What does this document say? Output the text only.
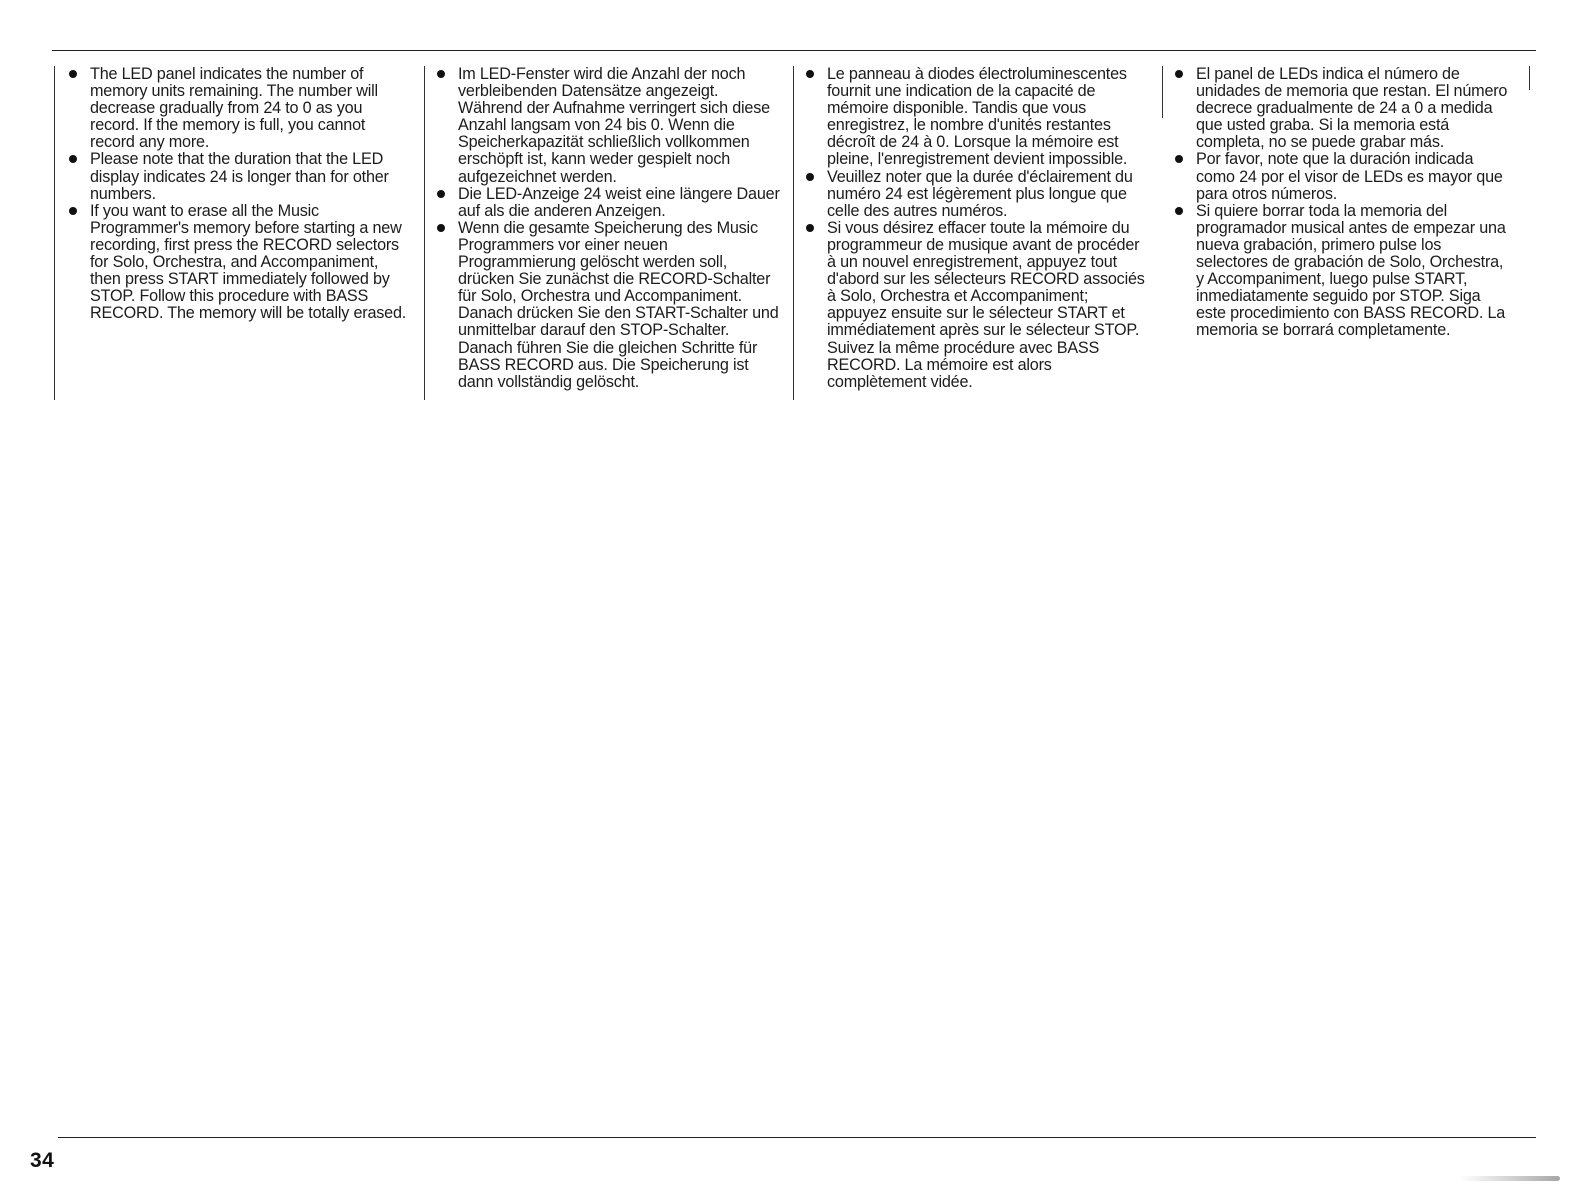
The LED panel indicates the number of memory units remaining. The number will decrease gradually from 24 to 0 as you record. If the memory is full, you cannot record any more.
Please note that the duration that the LED display indicates 24 is longer than for other numbers.
If you want to erase all the Music Programmer's memory before starting a new recording, first press the RECORD selectors for Solo, Orchestra, and Accompaniment, then press START immediately followed by STOP. Follow this procedure with BASS RECORD. The memory will be totally erased.
Im LED-Fenster wird die Anzahl der noch verbleibenden Datensätze angezeigt. Während der Aufnahme verringert sich diese Anzahl langsam von 24 bis 0. Wenn die Speicherkapazität schließlich vollkommen erschöpft ist, kann weder gespielt noch aufgezeichnet werden.
Die LED-Anzeige 24 weist eine längere Dauer auf als die anderen Anzeigen.
Wenn die gesamte Speicherung des Music Programmers vor einer neuen Programmierung gelöscht werden soll, drücken Sie zunächst die RECORD-Schalter für Solo, Orchestra und Accompaniment. Danach drücken Sie den START-Schalter und unmittelbar darauf den STOP-Schalter. Danach führen Sie die gleichen Schritte für BASS RECORD aus. Die Speicherung ist dann vollständig gelöscht.
Le panneau à diodes électroluminescentes fournit une indication de la capacité de mémoire disponible. Tandis que vous enregistrez, le nombre d'unités restantes décroît de 24 à 0. Lorsque la mémoire est pleine, l'enregistrement devient impossible.
Veuillez noter que la durée d'éclairement du numéro 24 est légèrement plus longue que celle des autres numéros.
Si vous désirez effacer toute la mémoire du programmeur de musique avant de procéder à un nouvel enregistrement, appuyez tout d'abord sur les sélecteurs RECORD associés à Solo, Orchestra et Accompaniment; appuyez ensuite sur le sélecteur START et immédiatement après sur le sélecteur STOP. Suivez la même procédure avec BASS RECORD. La mémoire est alors complètement vidée.
El panel de LEDs indica el número de unidades de memoria que restan. El número decrece gradualmente de 24 a 0 a medida que usted graba. Si la memoria está completa, no se puede grabar más.
Por favor, note que la duración indicada como 24 por el visor de LEDs es mayor que para otros números.
Si quiere borrar toda la memoria del programador musical antes de empezar una nueva grabación, primero pulse los selectores de grabación de Solo, Orchestra, y Accompaniment, luego pulse START, inmediatamente seguido por STOP. Siga este procedimiento con BASS RECORD. La memoria se borrará completamente.
34
